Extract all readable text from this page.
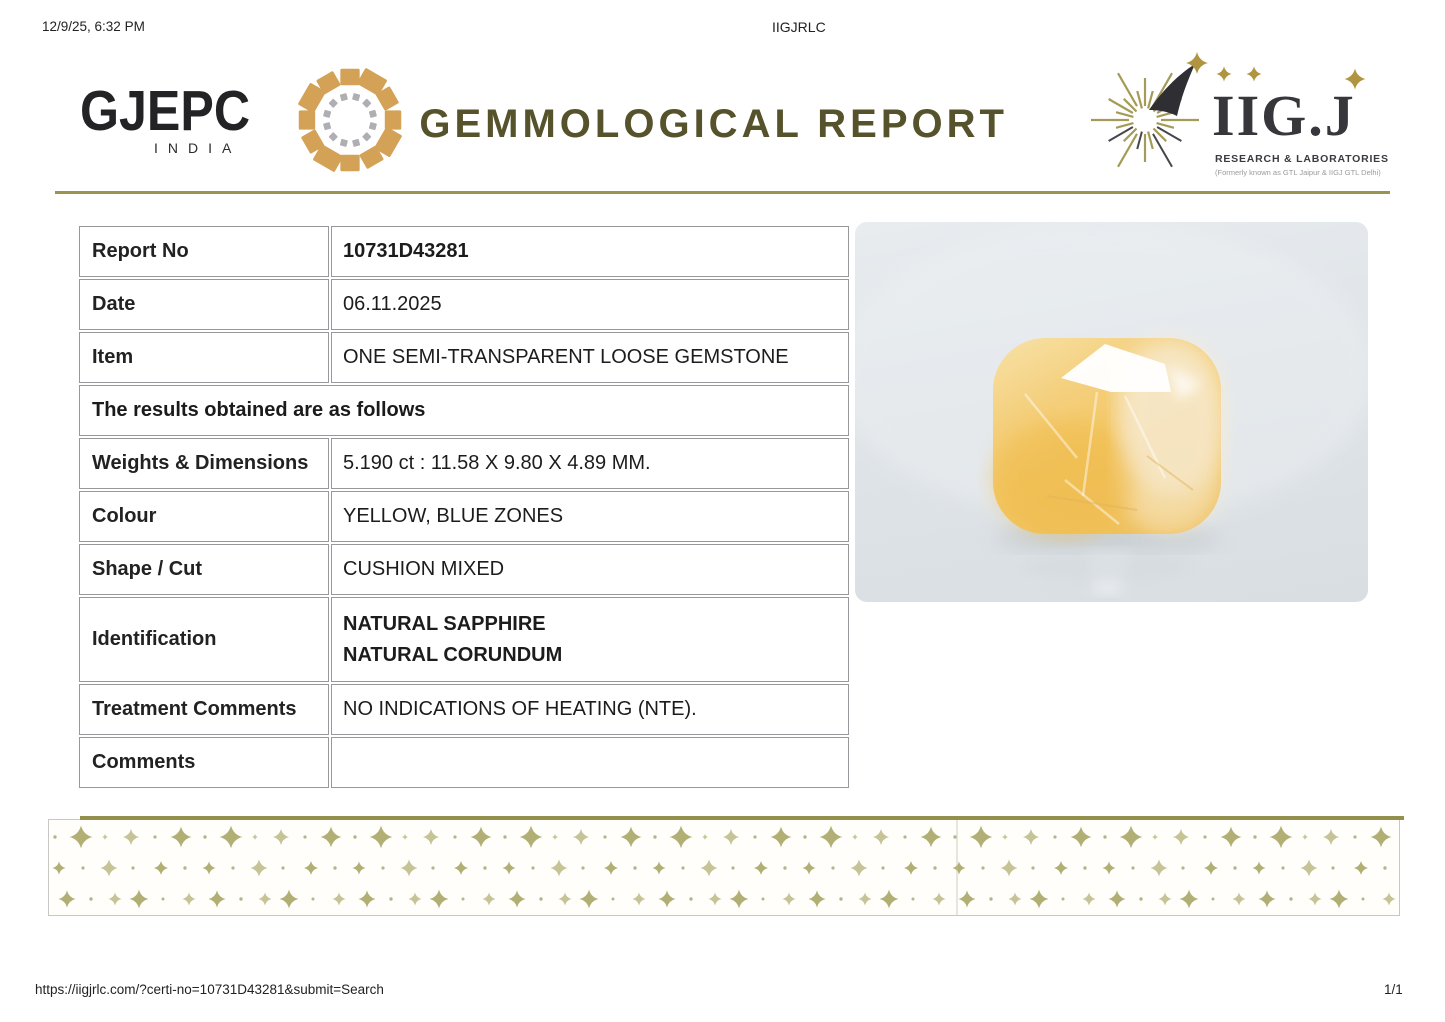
12/9/25, 6:32 PM	IIGJRLC
GJEPC
INDIA
GEMMOLOGICAL REPORT	IIG.J
RESEARCH & LABORATORIES
(Formerly known as GTL Jaipur & IIGJ GTL Delhi)
Report No	10731D43281
Date	06.11.2025
Item	ONE SEMI-TRANSPARENT LOOSE GEMSTONE
The results obtained are as follows	
Weights & Dimensions	5.190 ct : 11.58 X 9.80 X 4.89 MM.
Colour	YELLOW, BLUE ZONES
Shape / Cut	CUSHION MIXED
Identification	NATURAL SAPPHIRE
NATURAL CORUNDUM

Treatment Comments	NO INDICATIONS OF HEATING (NTE).
Comments	
https://iigjrlc.com/?certi-no=10731D43281&submit=Search	1/1
